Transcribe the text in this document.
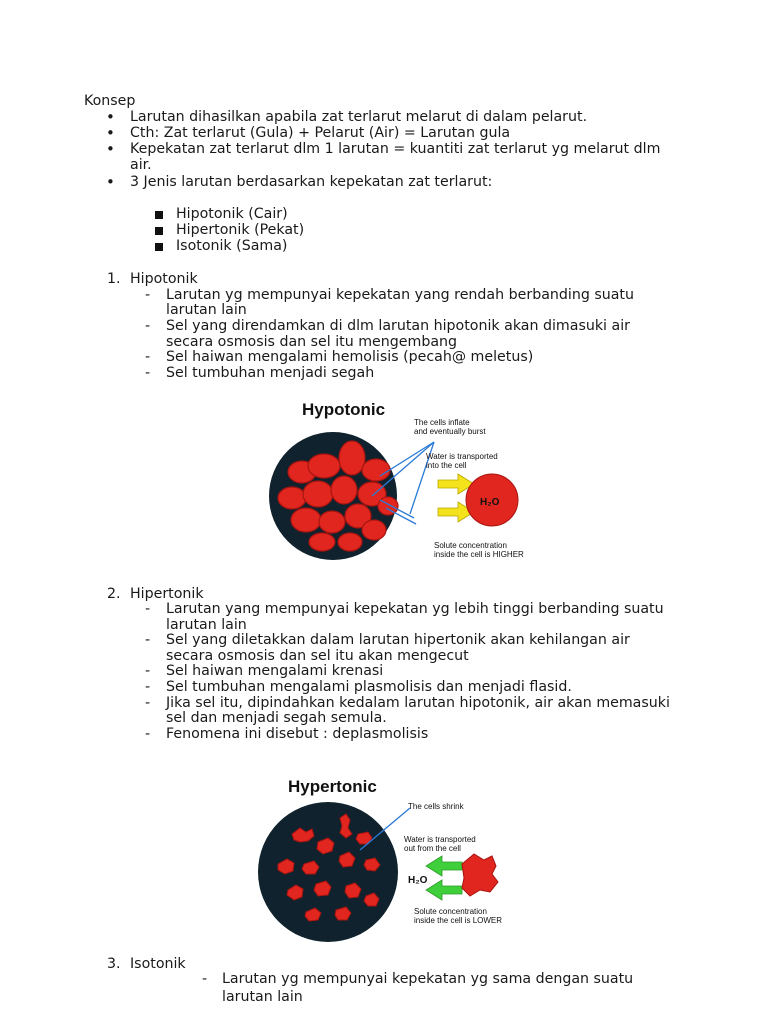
Konsep
• Larutan dihasilkan apabila zat terlarut melarut di dalam pelarut.
• Cth: Zat terlarut (Gula) + Pelarut (Air) = Larutan gula
• Kepekatan zat terlarut dlm 1 larutan = kuantiti zat terlarut yg melarut dlm
air.
• 3 Jenis larutan berdasarkan kepekatan zat terlarut:
Hipotonik (Cair)
Hipertonik (Pekat)
Isotonik (Sama)
1. Hipotonik
- Larutan yg mempunyai kepekatan yang rendah berbanding suatu
larutan lain
- Sel yang direndamkan di dlm larutan hipotonik akan dimasuki air
secara osmosis dan sel itu mengembang
- Sel haiwan mengalami hemolisis (pecah@ meletus)
- Sel tumbuhan menjadi segah
Hypotonic
The cells inflate
and eventually burst
Water is transported
into the cell
H₂O
Solute concentration
inside the cell is HIGHER
2. Hipertonik
- Larutan yang mempunyai kepekatan yg lebih tinggi berbanding suatu
larutan lain
- Sel yang diletakkan dalam larutan hipertonik akan kehilangan air
secara osmosis dan sel itu akan mengecut
- Sel haiwan mengalami krenasi
- Sel tumbuhan mengalami plasmolisis dan menjadi flasid.
- Jika sel itu, dipindahkan kedalam larutan hipotonik, air akan memasuki
sel dan menjadi segah semula.
- Fenomena ini disebut : deplasmolisis
Hypertonic
The cells shrink
Water is transported
out from the cell
H₂O
Solute concentration
inside the cell is LOWER
3. Isotonik
- Larutan yg mempunyai kepekatan yg sama dengan suatu
larutan lain
